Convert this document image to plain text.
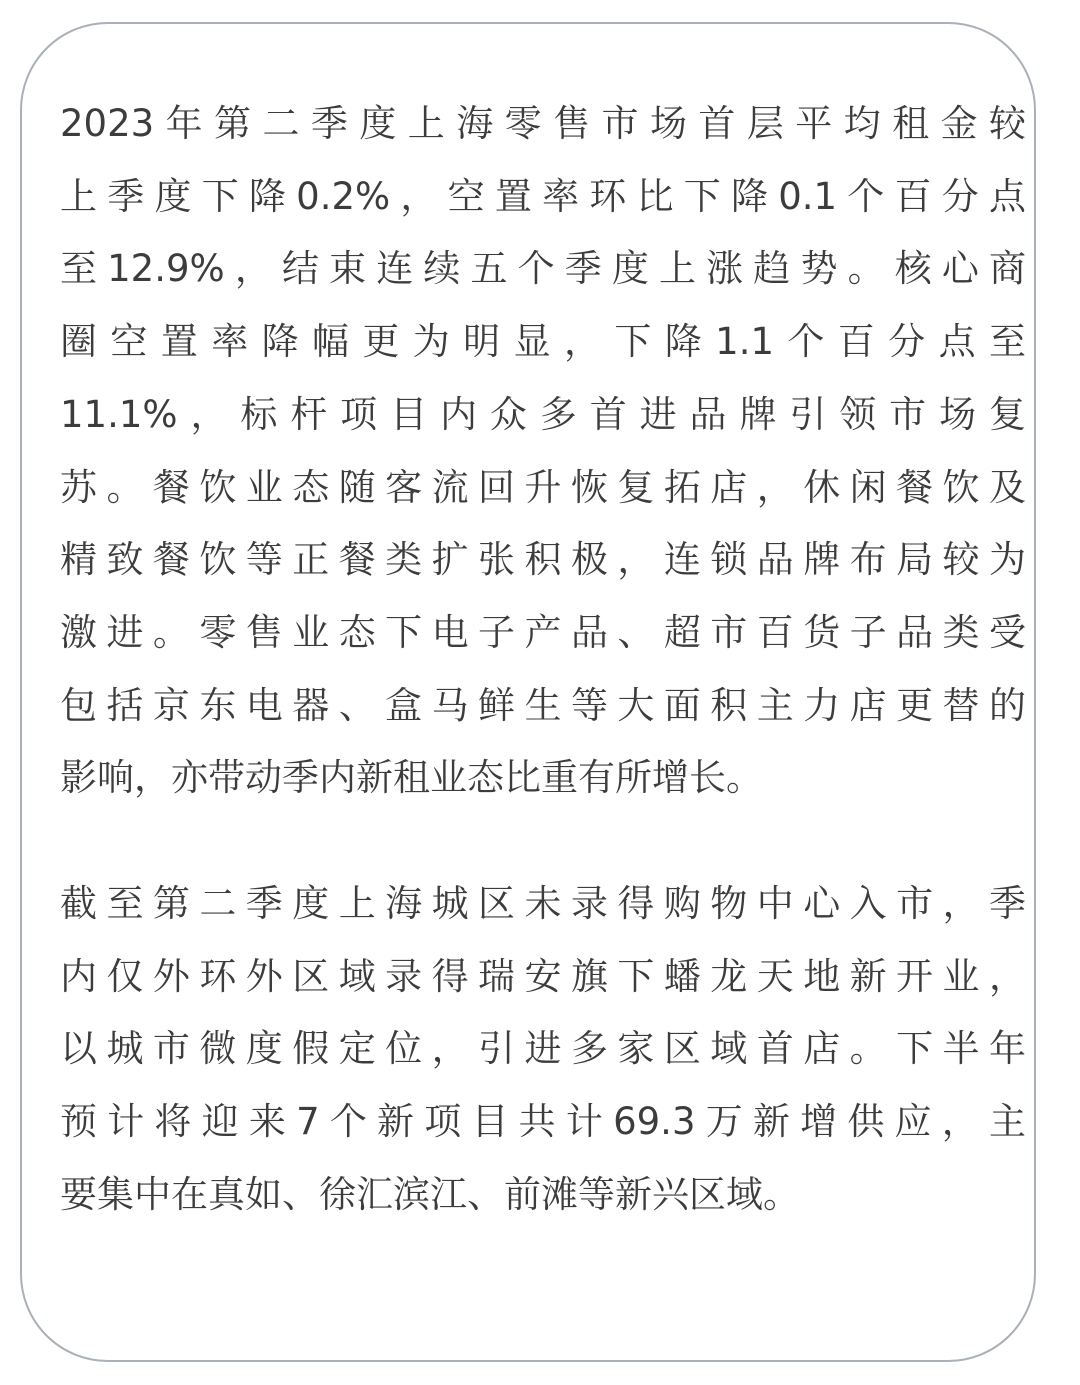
2023年第二季度上海零售市场首层平均租金较
上季度下降0.2%，空置率环比下降0.1个百分点
至12.9%，结束连续五个季度上涨趋势。核心商
圈空置率降幅更为明显，下降1.1个百分点至
11.1%，标杆项目内众多首进品牌引领市场复
苏。餐饮业态随客流回升恢复拓店，休闲餐饮及
精致餐饮等正餐类扩张积极，连锁品牌布局较为
激进。零售业态下电子产品、超市百货子品类受
包括京东电器、盒马鲜生等大面积主力店更替的
影响，亦带动季内新租业态比重有所增长。
截至第二季度上海城区未录得购物中心入市，季
内仅外环外区域录得瑞安旗下蟠龙天地新开业，
以城市微度假定位，引进多家区域首店。下半年
预计将迎来7个新项目共计69.3万新增供应，主
要集中在真如、徐汇滨江、前滩等新兴区域。
